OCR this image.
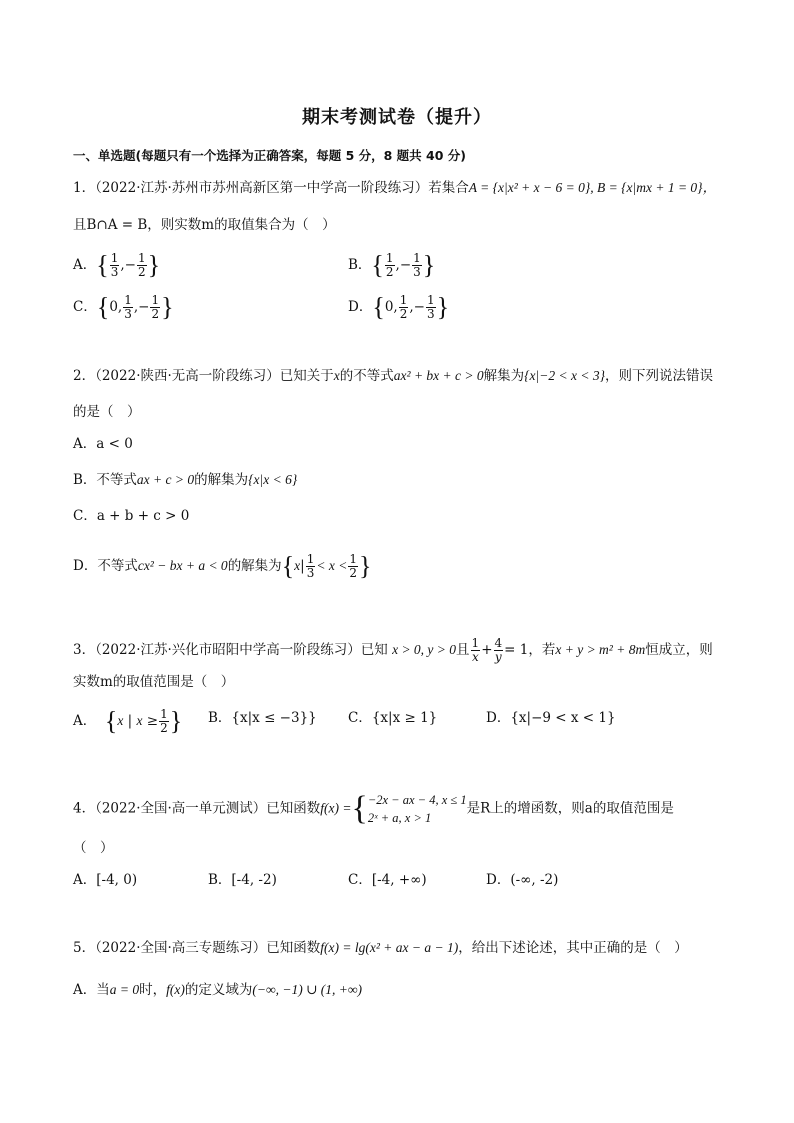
期末考测试卷（提升）
一、单选题(每题只有一个选择为正确答案，每题 5 分，8 题共 40 分)
1．（2022·江苏·苏州市苏州高新区第一中学高一阶段练习）若集合A = {x|x² + x − 6 = 0}, B = {x|mx + 1 = 0}，
且B∩A = B，则实数m的取值集合为（　）
A．{ $\frac{1}{3}$ ,− $\frac{1}{2}$ }	B．{ $\frac{1}{2}$ ,− $\frac{1}{3}$ }
C．{0, $\frac{1}{3}$ ,− $\frac{1}{2}$ }	D．{0, $\frac{1}{2}$ ,− $\frac{1}{3}$ }
2．（2022·陕西·无高一阶段练习）已知关于x的不等式ax² + bx + c > 0解集为{x|−2 < x < 3}，则下列说法错误
的是（　）
A．a < 0
B．不等式ax + c > 0的解集为{x|x < 6}
C．a + b + c > 0
D．不等式cx² − bx + a < 0的解集为{$x| \frac{1}{3} < x < \frac{1}{2}$ }
3．（2022·江苏·兴化市昭阳中学高一阶段练习）已知 x > 0, y > 0且 $\frac{1}{x} + \frac{4}{y} = 1$，若x + y > m² + 8m恒成立，则
实数m的取值范围是（　）
A． {x | $x \ge \frac{1}{2}$ } B．{x|x ≤ −3}} C．{x|x ≥ 1}	D．{x|−9 < x < 1}
4．（2022·全国·高一单元测试）已知函数f(x) ={ −2x − ax − 4, x ≤ 1
2ˣ + a, x > 1
是R上的增函数，则a的取值范围是
（　）
A．[-4, 0)	B．[-4, -2)	C．[-4, +∞)	D．(-∞, -2)
5．（2022·全国·高三专题练习）已知函数f(x) = lg(x² + ax − a − 1)，给出下述论述，其中正确的是（　）
A．当a = 0时，f(x)的定义域为(−∞, −1) ∪ (1, +∞)
